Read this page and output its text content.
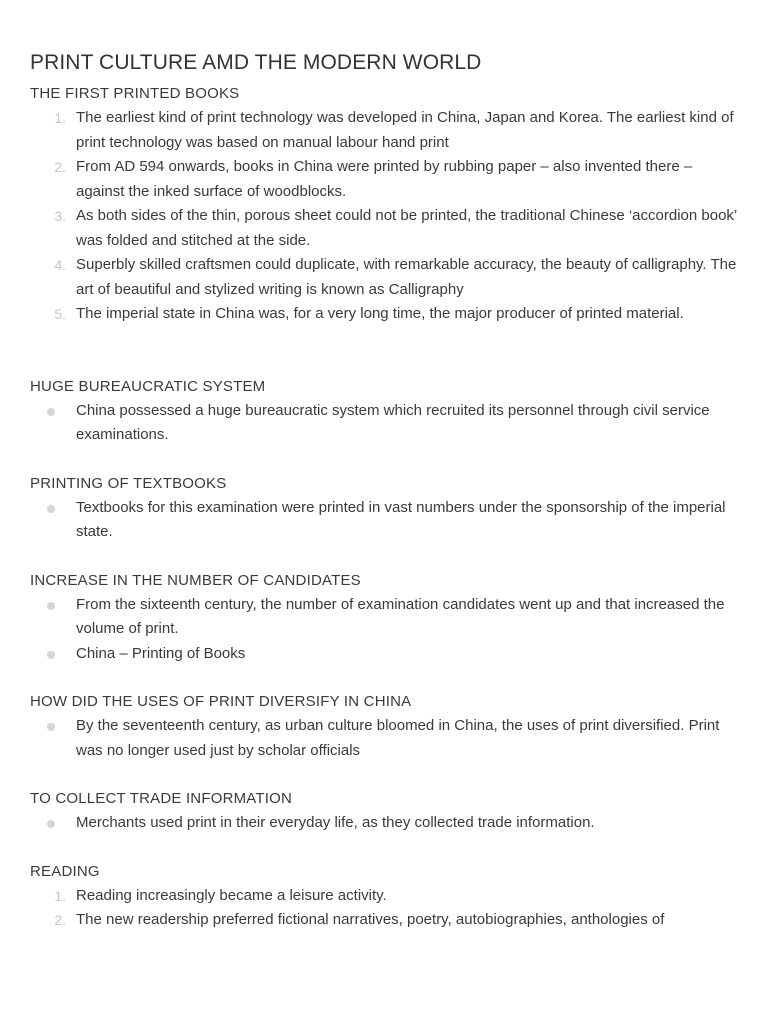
PRINT CULTURE AMD THE MODERN WORLD

THE FIRST PRINTED BOOKS

1. The earliest kind of print technology was developed in China, Japan and Korea. The earliest kind of print technology was based on manual labour hand print
2. From AD 594 onwards, books in China were printed by rubbing paper – also invented there – against the inked surface of woodblocks.
3. As both sides of the thin, porous sheet could not be printed, the traditional Chinese ‘accordion book’ was folded and stitched at the side.
4. Superbly skilled craftsmen could duplicate, with remarkable accuracy, the beauty of calligraphy. The art of beautiful and stylized writing is known as Calligraphy
5. The imperial state in China was, for a very long time, the major producer of printed material.

HUGE BUREAUCRATIC SYSTEM

China possessed a huge bureaucratic system which recruited its personnel through civil service examinations.

PRINTING OF TEXTBOOKS

Textbooks for this examination were printed in vast numbers under the sponsorship of the imperial state.

INCREASE IN THE NUMBER OF CANDIDATES

From the sixteenth century, the number of examination candidates went up and that increased the volume of print.
China – Printing of Books

HOW DID THE USES OF PRINT DIVERSIFY IN CHINA

By the seventeenth century, as urban culture bloomed in China, the uses of print diversified. Print was no longer used just by scholar officials

TO COLLECT TRADE INFORMATION

Merchants used print in their everyday life, as they collected trade information.

READING

1. Reading increasingly became a leisure activity.
2. The new readership preferred fictional narratives, poetry, autobiographies, anthologies of
